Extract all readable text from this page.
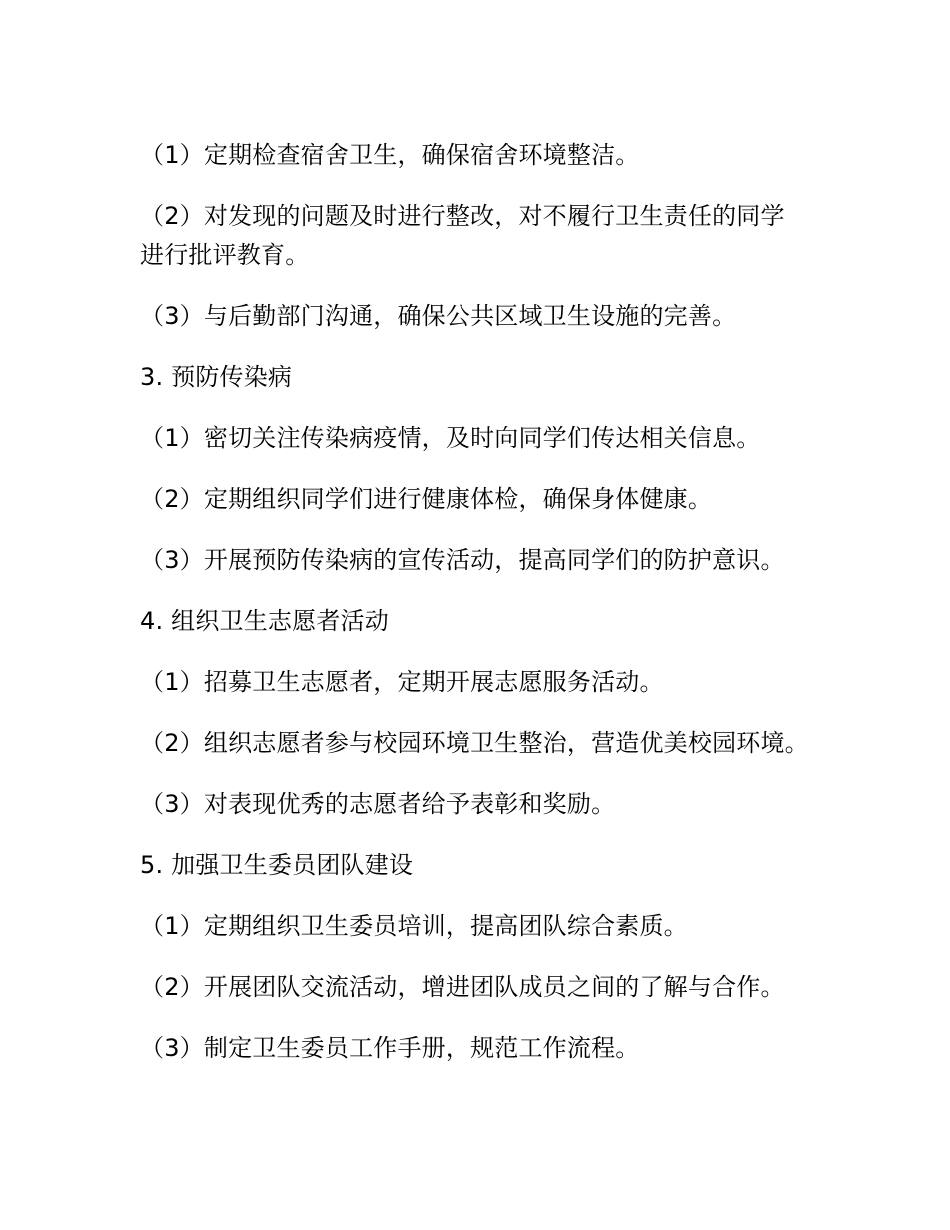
（1）定期检查宿舍卫生，确保宿舍环境整洁。
（2）对发现的问题及时进行整改，对不履行卫生责任的同学
进行批评教育。
（3）与后勤部门沟通，确保公共区域卫生设施的完善。
3. 预防传染病
（1）密切关注传染病疫情，及时向同学们传达相关信息。
（2）定期组织同学们进行健康体检，确保身体健康。
（3）开展预防传染病的宣传活动，提高同学们的防护意识。
4. 组织卫生志愿者活动
（1）招募卫生志愿者，定期开展志愿服务活动。
（2）组织志愿者参与校园环境卫生整治，营造优美校园环境。
（3）对表现优秀的志愿者给予表彰和奖励。
5. 加强卫生委员团队建设
（1）定期组织卫生委员培训，提高团队综合素质。
（2）开展团队交流活动，增进团队成员之间的了解与合作。
（3）制定卫生委员工作手册，规范工作流程。
